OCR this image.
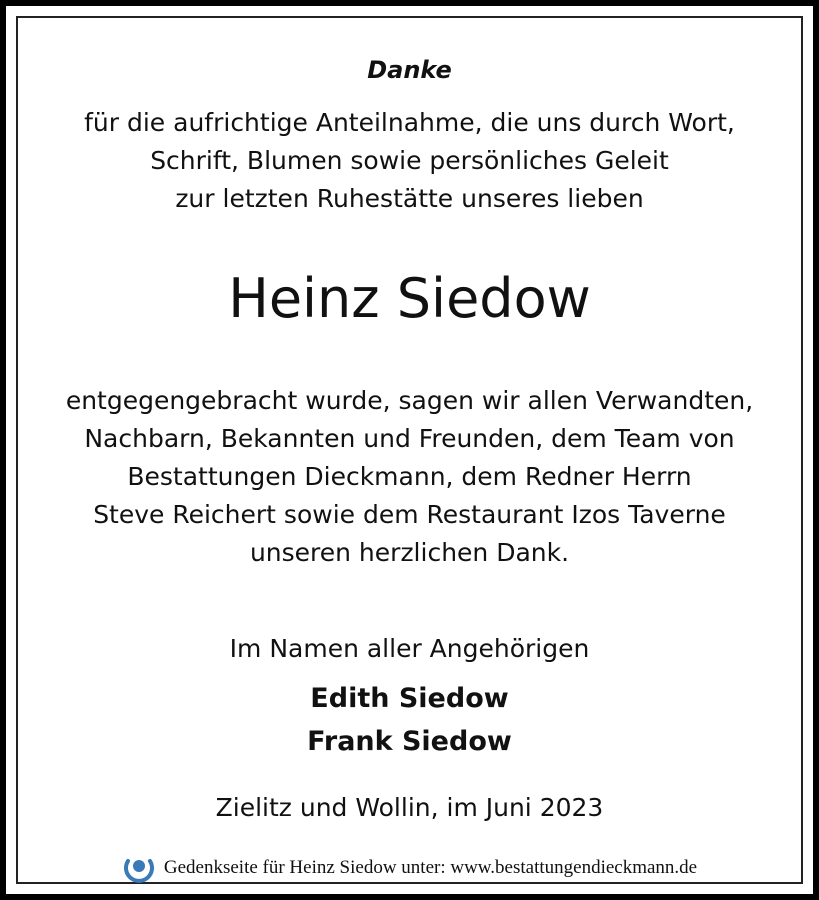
Danke
für die aufrichtige Anteilnahme, die uns durch Wort,
Schrift, Blumen sowie persönliches Geleit
zur letzten Ruhestätte unseres lieben
Heinz Siedow
entgegengebracht wurde, sagen wir allen Verwandten,
Nachbarn, Bekannten und Freunden, dem Team von
Bestattungen Dieckmann, dem Redner Herrn
Steve Reichert sowie dem Restaurant Izos Taverne
unseren herzlichen Dank.
Im Namen aller Angehörigen
Edith Siedow
Frank Siedow
Zielitz und Wollin, im Juni 2023
Gedenkseite für Heinz Siedow unter: www.bestattungendieckmann.de
